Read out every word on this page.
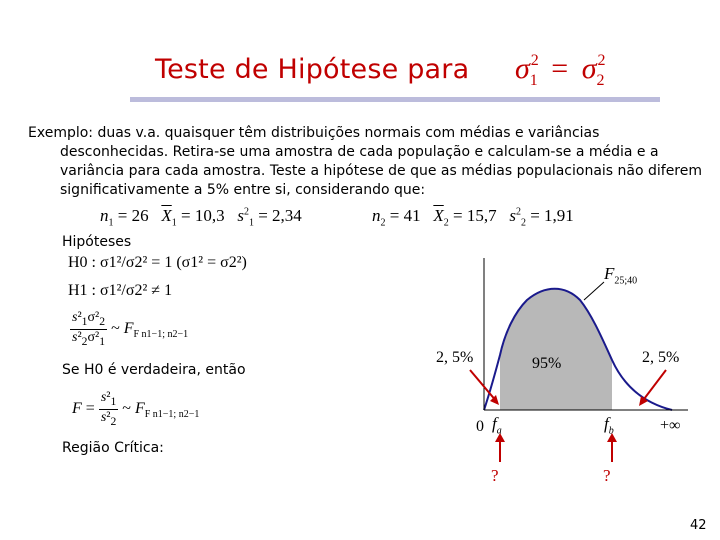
Teste de Hipótese para $\sigma^2_1 = \sigma^2_2$

Exemplo: duas v.a. quaisquer têm distribuições normais com médias e variâncias

desconhecidas. Retira-se uma amostra de cada população e calculam-se a média e a variância para cada amostra. Teste a hipótese de que as médias populacionais não diferem significativamente a 5% entre si, considerando que:

$n_1 = 26$ $\overline{X}_1 = 10,3$ $s^2_1 = 2,34$	$n_2 = 41$ $\overline{X}_2 = 15,7$ $s^2_2 = 1,91$
Hipóteses
H0 : σ1²/σ2² = 1 (σ1² = σ2²)
H1 : σ1²/σ2² ≠ 1
$\frac{s^2_1\sigma^2_2}{s^2_2\sigma^2_1}$ ~ $F_{F n1-1; n2-1}$
Se H0 é verdadeira, então
$F = \frac{s^2_1}{s^2_2}$ ~ $F_{F n1-1; n2-1}$
Região Crítica:
$F_{25;40}$
2, 5%	95%	2, 5%
0 $f_a$	$f_b$	+∞
?	?
42
